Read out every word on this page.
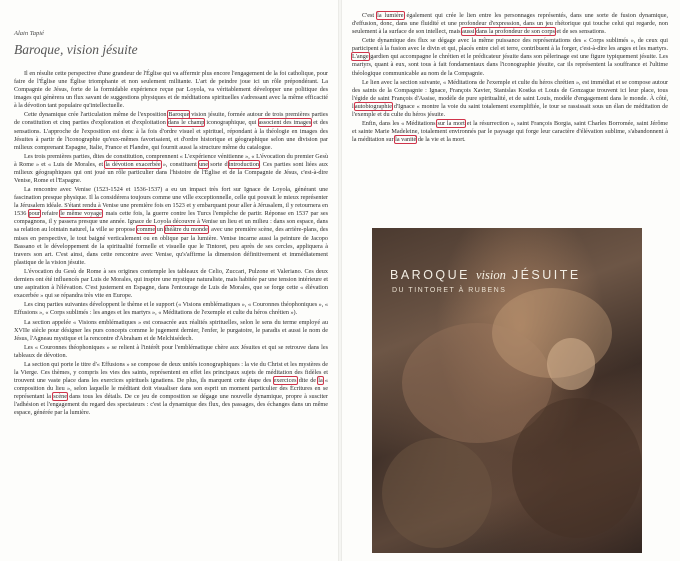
Alain Tapié
Baroque, vision jésuite

Il en résulte cette perspective d'une grandeur de l'Église qui va affermir plus encore l'engagement de la foi catholique, pour faire de l'Église une Église triomphante et non seulement militante. L'art de peindre joue ici un rôle prépondérant. La Compagnie de Jésus, forte de la formidable expérience reçue par Loyola, va véritablement développer une politique des images qui génèrera un flux savant de suggestions physiques et de méditations spirituelles s'adressant avec la même efficacité à la dévotion tant populaire qu'intellectuelle.

Cette dynamique crée l'articulation même de l'exposition Baroque vision jésuite, formée autour de trois premières parties de constitution et cinq parties d'exploration et d'exploitation dans le champ iconographique, qui associent des images et des sensations. L'approche de l'exposition est donc à la fois d'ordre visuel et spirituel, répondant à la théologie en images des Jésuites à partir de l'iconographie qu'eux-mêmes favorisaient, et d'ordre historique et géographique selon une division par milieux comprenant Espagne, Italie, France et Flandre, qui fournit aussi la structure même du catalogue.

Les trois premières parties, dites de constitution, comprennent « L'expérience vénitienne », « L'évocation du premier Gesù à Rome » et « Luis de Morales, et la dévotion exacerbée », constituent une sorte d'introduction. Ces parties sont liées aux milieux géographiques qui ont joué un rôle particulier dans l'histoire de l'Église et de la Compagnie de Jésus, c'est-à-dire Venise, Rome et l'Espagne.

La rencontre avec Venise (1523-1524 et 1536-1537) a eu un impact très fort sur Ignace de Loyola, générant une fascination presque physique. Il la considérera toujours comme une ville exceptionnelle, celle qui pouvait le mieux représenter la Jérusalem idéale. S'étant rendu à Venise une première fois en 1523 et y embarquant pour aller à Jérusalem, il y retournera en 1536 pour refaire le même voyage, mais cette fois, la guerre contre les Turcs l'empêche de partir. Réponse en 1537 par ses compagnons, il y passera presque une année. Ignace de Loyola découvre à Venise un lieu et un milieu : dans son espace, dans sa relation au lointain naturel, la ville se propose comme un théâtre du monde, avec une première scène, des arrière-plans, des mises en perspective, le tout baigné verticalement ou en oblique par la lumière. Venise incarne aussi la peinture de Jacopo Bassano et le développement de la spiritualité formelle et visuelle que le Tintoret, peu après de ses cercles, appliquera à travers son art. C'est ainsi, dans cette rencontre avec Venise, qu's'affirme la dimension définitivement et immédiatement plastique de la vision jésuite.

L'évocation du Gesù de Rome à ses origines contemple les tableaux de Celio, Zuccari, Pulzone et Valeriano. Ces deux derniers ont été influencés par Luis de Morales, qui inspire une mystique naturaliste, mais habitée par une tension intérieure et une aspiration à l'élévation. C'est justement en Espagne, dans l'entourage de Luis de Morales, que se forge cette « élévation exacerbée » qui se répandra très vite en Europe.

Les cinq parties suivantes développent le thème et le support (« Visions emblématiques », « Couronnes théophoniques », « Effusions », « Corps sublimés : les anges et les martyrs », « Méditations de l'exemple et culte du héros chrétien »).

La section appelée « Visions emblématiques » est consacrée aux réalités spirituelles, selon le sens du terme employé au XVIIe siècle pour désigner les purs concepts comme le jugement dernier, l'enfer, le purgatoire, le paradis et aussi le nom de Jésus, l'Agneau mystique et la rencontre d'Abraham et de Melchisédech.

Les « Couronnes théophoniques » se relient à l'intérêt pour l'emblématique chère aux Jésuites et qui se retrouve dans les tableaux de dévotion.

La section qui porte le titre d'« Effusions » se compose de deux unités iconographiques : la vie du Christ et les mystères de la Vierge. Ces thèmes, y compris les vies des saints, représentent en effet les principaux sujets de méditation des fidèles et trouvent une vaste place dans les exercices spirituels ignatiens. De plus, ils marquent cette étape des exercices dite de la « composition du lieu », selon laquelle le méditant doit visualiser dans son esprit un moment particulier des Écritures en se représentant la scène dans tous les détails. De ce jeu de composition se dégage une nouvelle dynamique, propre à susciter l'adhésion et l'engagement du regard des spectateurs : c'est la dynamique des flux, des passages, des échanges dans un même espace, générée par la lumière.

C'est la lumière également qui crée le lien entre les personnages représentés, dans une sorte de fusion dynamique, d'effusion, donc, dans une fluidité et une profondeur d'expression, dans un jeu rhétorique qui touche celui qui regarde, non seulement à la surface de son intellect, mais aussi dans la profondeur de son corps et de ses sensations.

Cette dynamique des flux se dégage avec la même puissance des représentations des « Corps sublimés », de ceux qui participent à la fusion avec le divin et qui, placés entre ciel et terre, contribuent à la forger, c'est-à-dire les anges et les martyrs. L'ange gardien qui accompagne le chrétien et le prédicateur jésuite dans son pèlerinage est une figure typiquement jésuite. Les martyrs, quant à eux, sont tous à fait fondamentaux dans l'iconographie jésuite, car ils représentent la souffrance et l'ultime théologique communicable au nom de la Compagnie.

Le lien avec la section suivante, « Méditations de l'exemple et culte du héros chrétien », est immédiat et se compose autour des saints de la Compagnie : Ignace, François Xavier, Stanislas Kostka et Louis de Gonzague trouvent ici leur place, tous l'égide de saint François d'Assise, modèle de pure spiritualité, et de saint Louis, modèle d'engagement dans le monde. À côté, l'autobiographie d'Ignace « montre la voie du saint totalement exemplifiée, le tour se rassissait sous un élan de méditation de l'exemple et du culte du héros jésuite.

Enfin, dans les « Méditations sur la mort et la résurrection », saint François Borgia, saint Charles Borromée, saint Jérôme et sainte Marie Madeleine, totalement environnés par le paysage qui forge leur caractère d'élévation sublime, s'abandonnent à la méditation sur la vanité de la vie et la mort.

BAROQUE vision JÉSUITE
DU TINTORET À RUBENS
